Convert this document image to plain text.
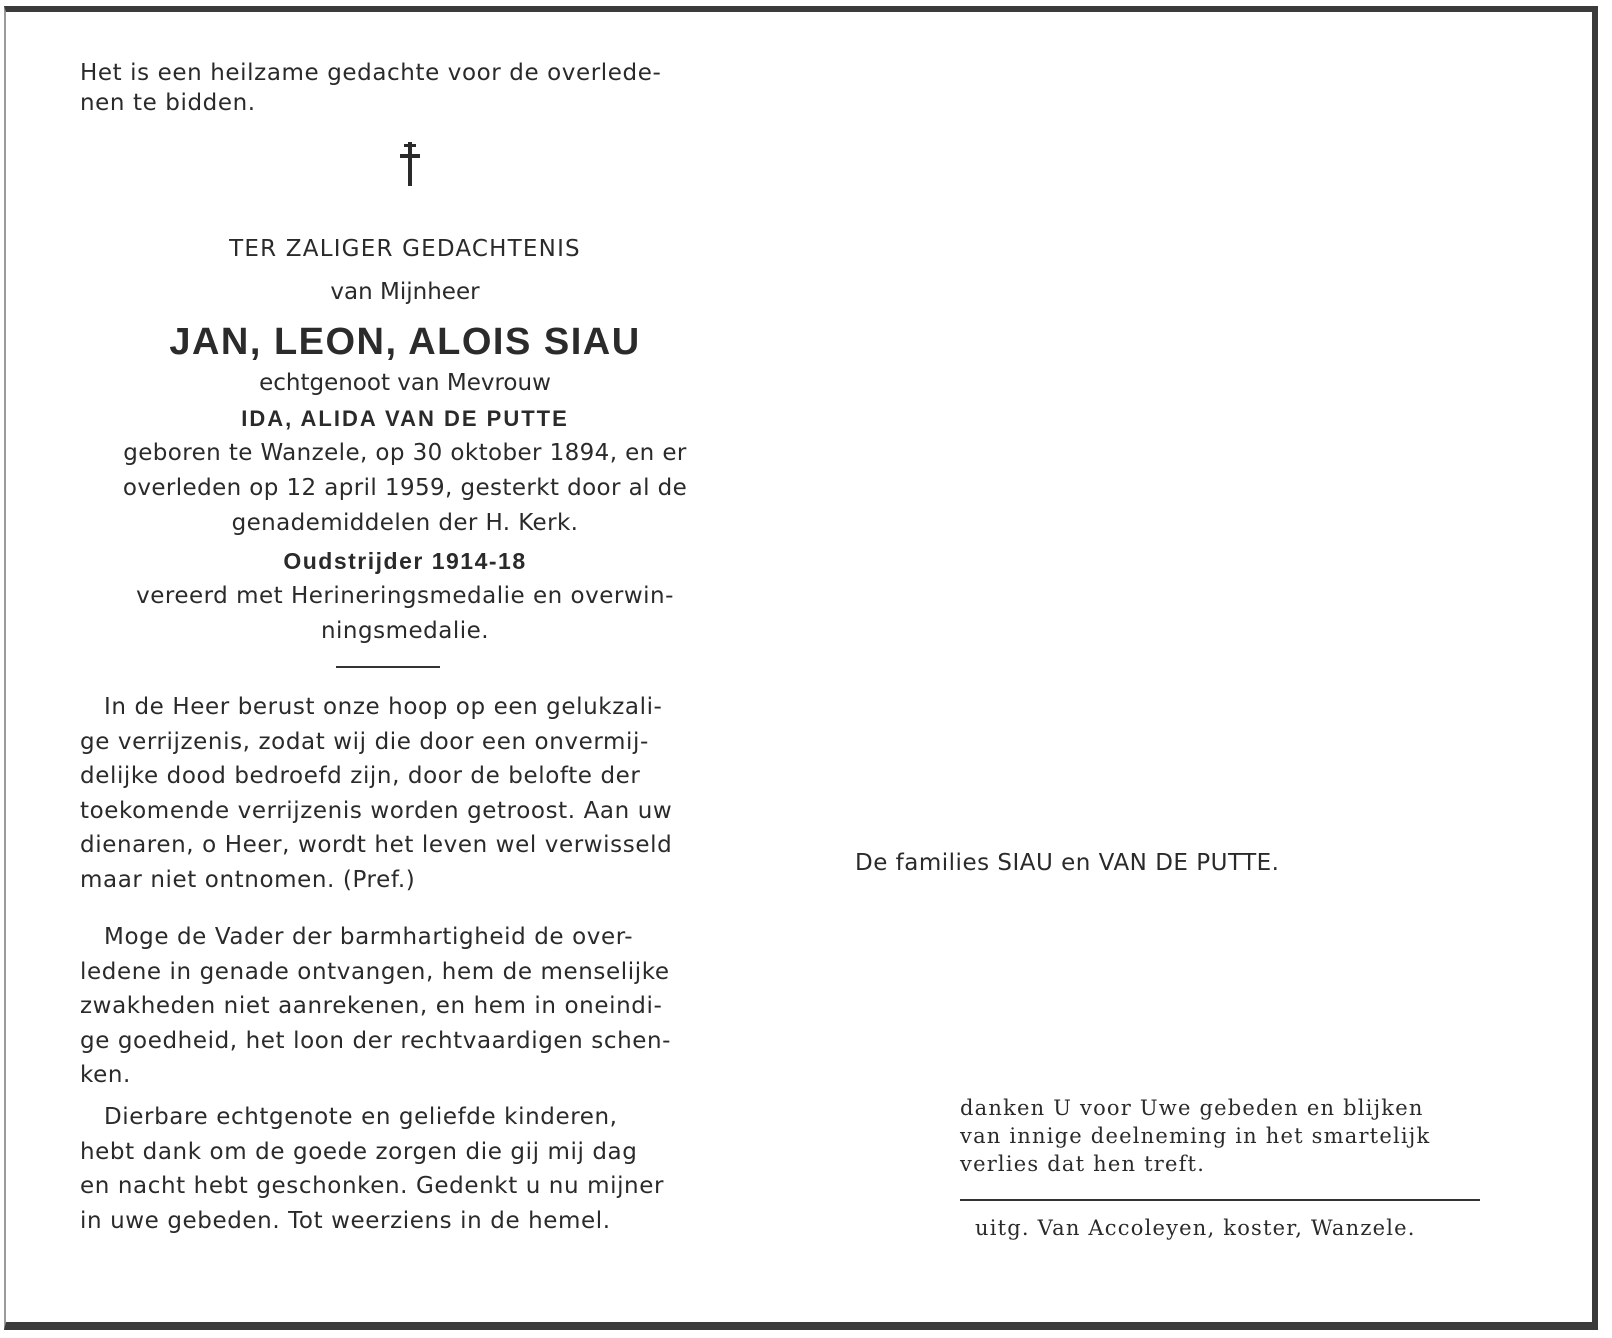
Het is een heilzame gedachte voor de overlede-
nen te bidden.
TER ZALIGER GEDACHTENIS
van Mijnheer
JAN, LEON, ALOIS SIAU
echtgenoot van Mevrouw
IDA, ALIDA VAN DE PUTTE
geboren te Wanzele, op 30 oktober 1894, en er
overleden op 12 april 1959, gesterkt door al de
genademiddelen der H. Kerk.
Oudstrijder 1914-18
vereerd met Herineringsmedalie en overwin-
ningsmedalie.
In de Heer berust onze hoop op een gelukzali-
ge verrijzenis, zodat wij die door een onvermij-
delijke dood bedroefd zijn, door de belofte der
toekomende verrijzenis worden getroost. Aan uw
dienaren, o Heer, wordt het leven wel verwisseld
maar niet ontnomen. (Pref.)
Moge de Vader der barmhartigheid de over-
ledene in genade ontvangen, hem de menselijke
zwakheden niet aanrekenen, en hem in oneindi-
ge goedheid, het loon der rechtvaardigen schen-
ken.
Dierbare echtgenote en geliefde kinderen,
hebt dank om de goede zorgen die gij mij dag
en nacht hebt geschonken. Gedenkt u nu mijner
in uwe gebeden. Tot weerziens in de hemel.
De families SIAU en VAN DE PUTTE.
danken U voor Uwe gebeden en blijken
van innige deelneming in het smartelijk
verlies dat hen treft.
uitg. Van Accoleyen, koster, Wanzele.
